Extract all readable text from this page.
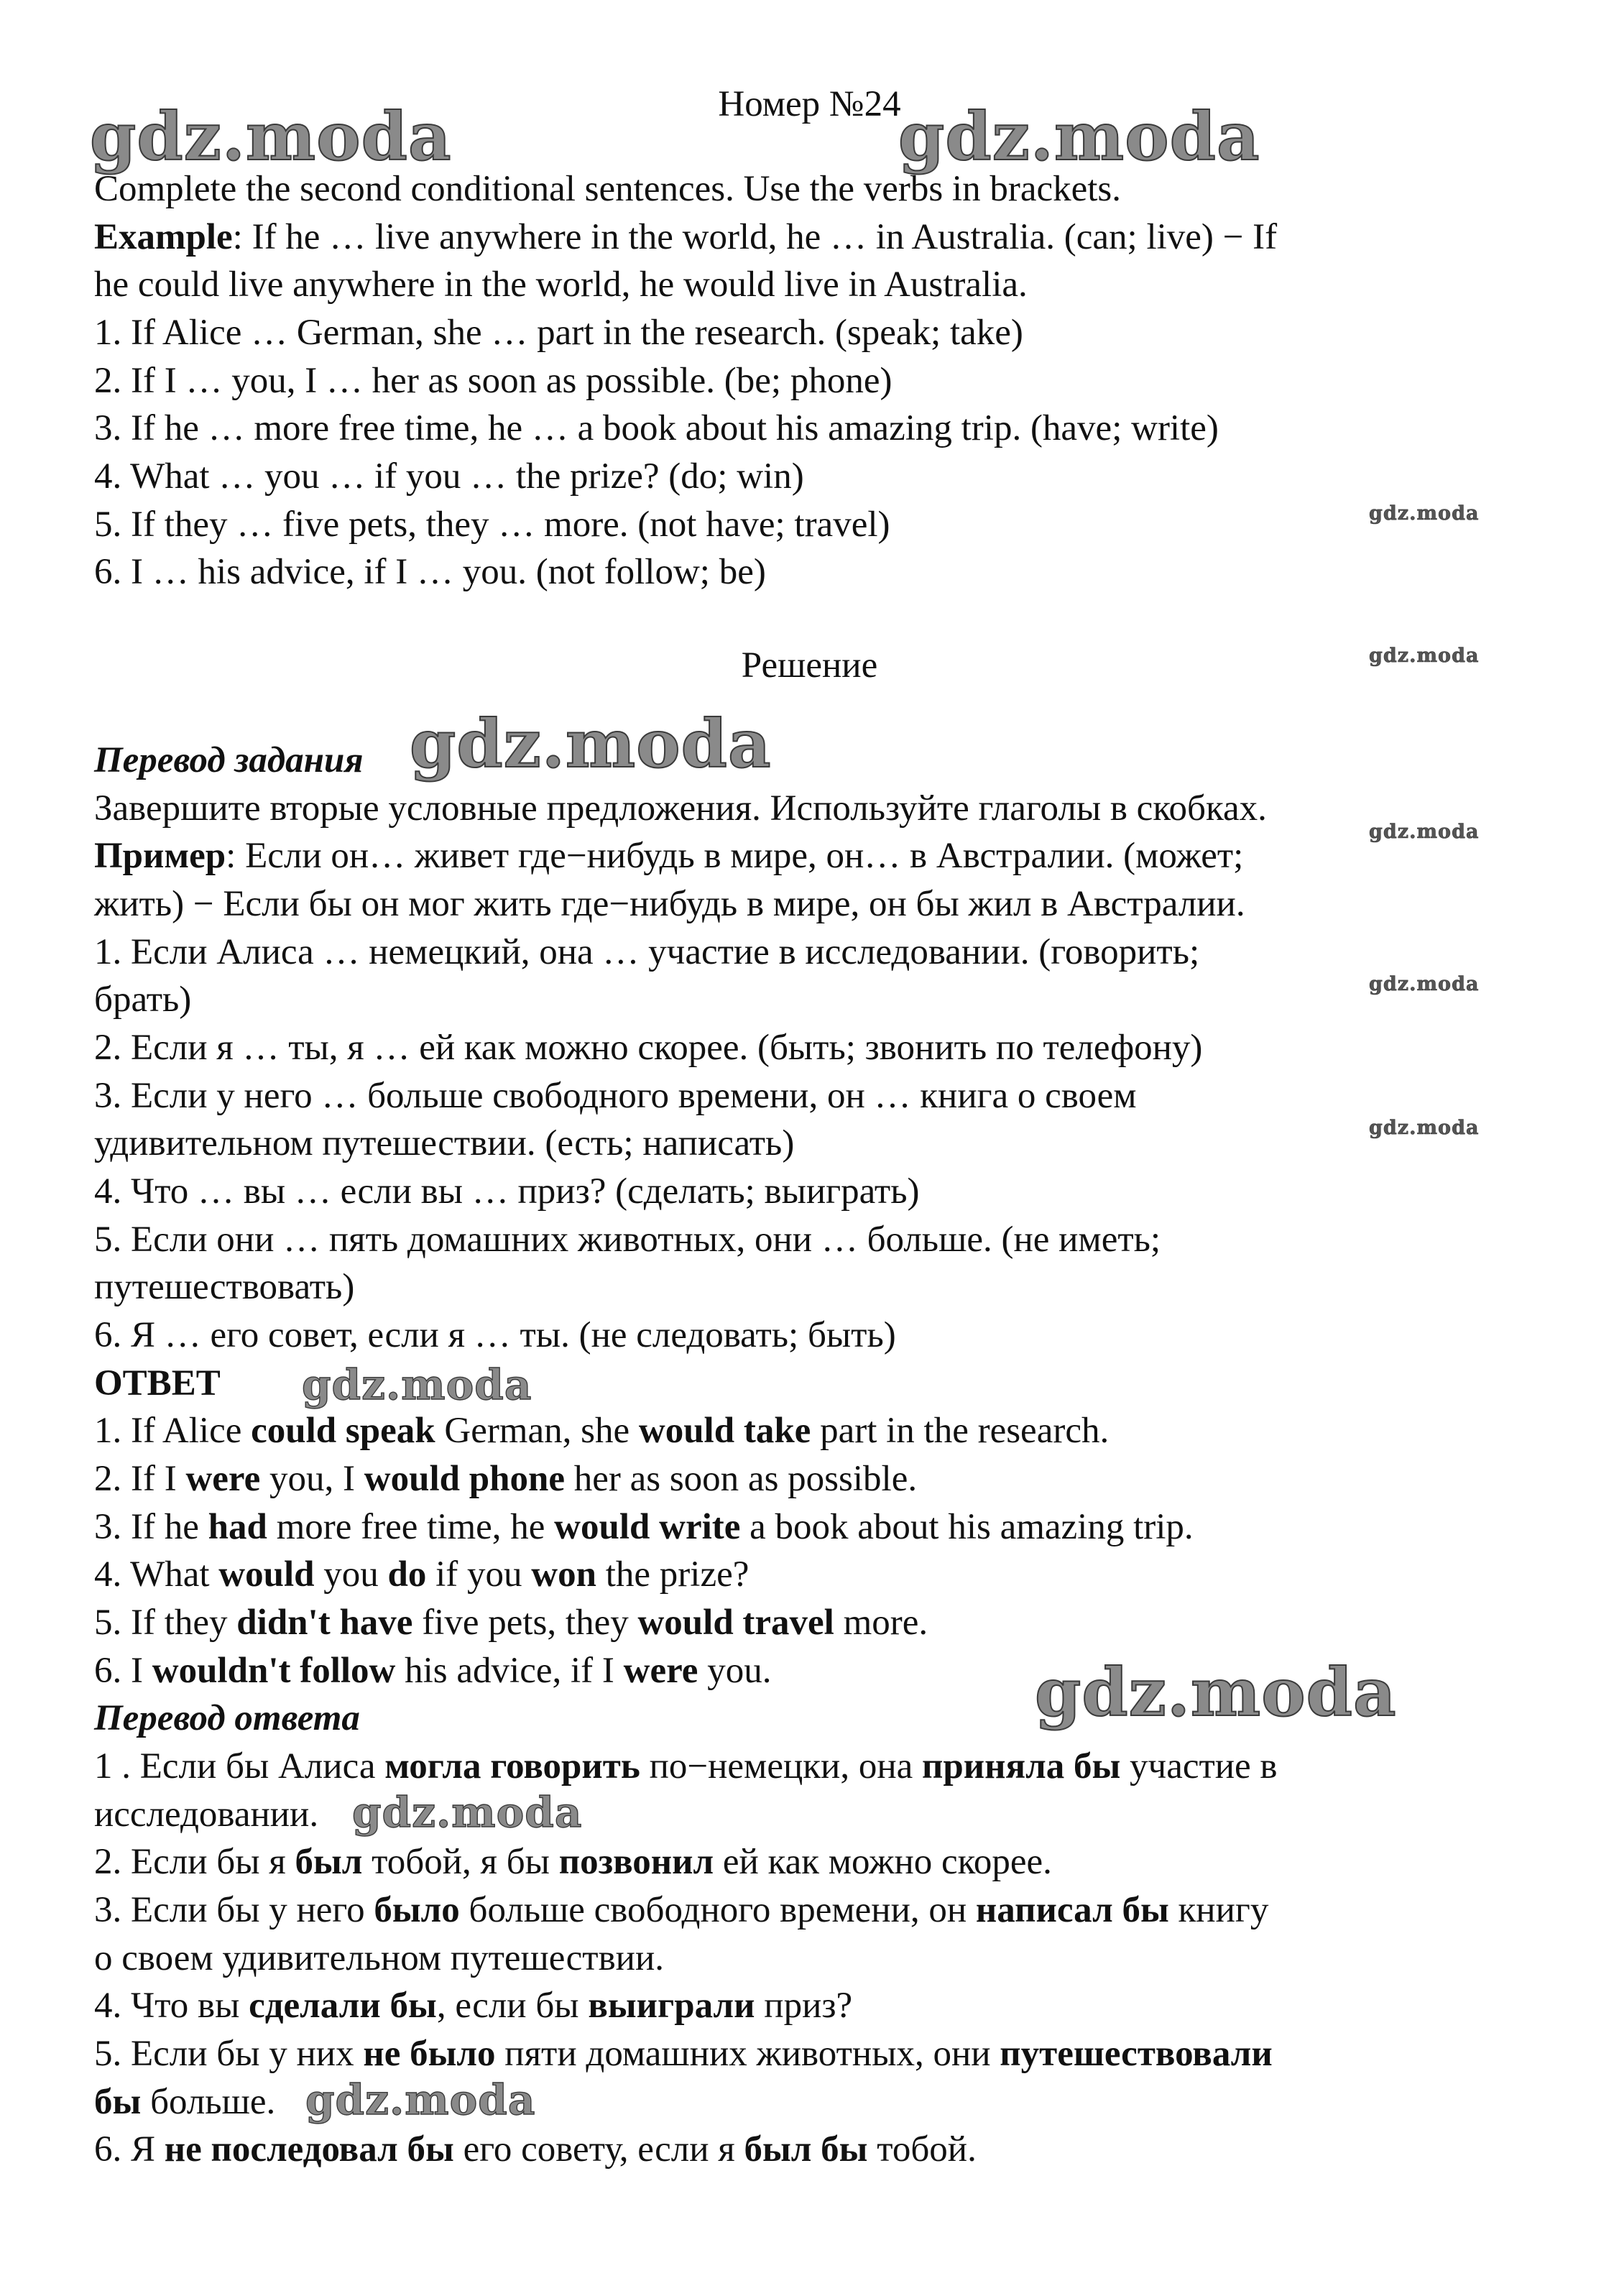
Номер №24

Complete the second conditional sentences. Use the verbs in brackets.

Example: If he … live anywhere in the world, he … in Australia. (can; live) − If

he could live anywhere in the world, he would live in Australia.

1. If Alice … German, she … part in the research. (speak; take)

2. If I … you, I … her as soon as possible. (be; phone)

3. If he … more free time, he … a book about his amazing trip. (have; write)

4. What … you … if you … the prize? (do; win)

5. If they … five pets, they … more. (not have; travel)

6. I … his advice, if I … you. (not follow; be)

Решение

Перевод задания

Завершите вторые условные предложения. Используйте глаголы в скобках.

Пример: Если он… живет где−нибудь в мире, он… в Австралии. (может;

жить) − Если бы он мог жить где−нибудь в мире, он бы жил в Австралии.

1. Если Алиса … немецкий, она … участие в исследовании. (говорить;

брать)

2. Если я … ты, я … ей как можно скорее. (быть; звонить по телефону)

3. Если у него … больше свободного времени, он … книга о своем

удивительном путешествии. (есть; написать)

4. Что … вы … если вы … приз? (сделать; выиграть)

5. Если они … пять домашних животных, они … больше. (не иметь;

путешествовать)

6. Я … его совет, если я … ты. (не следовать; быть)

ОТВЕТ

1. If Alice could speak German, she would take part in the research.

2. If I were you, I would phone her as soon as possible.

3. If he had more free time, he would write a book about his amazing trip.

4. What would you do if you won the prize?

5. If they didn't have five pets, they would travel more.

6. I wouldn't follow his advice, if I were you.

Перевод ответа

1 . Если бы Алиса могла говорить по−немецки, она приняла бы участие в

исследовании.

2. Если бы я был тобой, я бы позвонил ей как можно скорее.

3. Если бы у него было больше свободного времени, он написал бы книгу

о своем удивительном путешествии.

4. Что вы сделали бы, если бы выиграли приз?

5. Если бы у них не было пяти домашних животных, они путешествовали

бы больше.

6. Я не последовал бы его совету, если я был бы тобой.

gdz.moda	gdz.moda
gdz.moda
gdz.moda
gdz.moda
gdz.moda
gdz.moda
gdz.moda
gdz.moda
gdz.moda
gdz.moda
gdz.moda
